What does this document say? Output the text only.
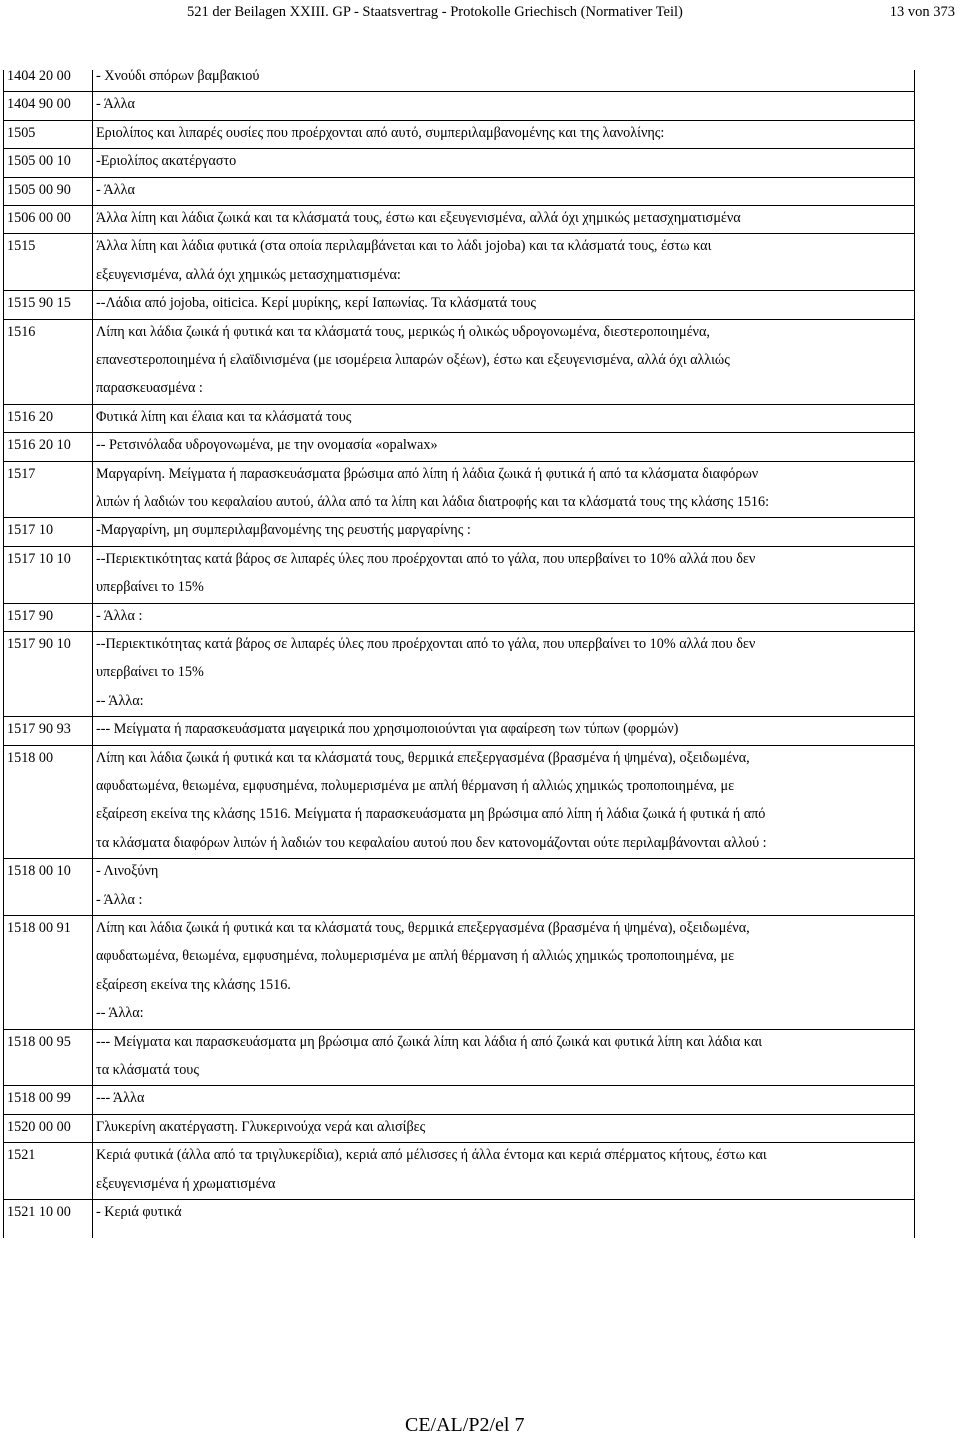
521 der Beilagen XXIII. GP - Staatsvertrag - Protokolle Griechisch (Normativer Teil)	13 von 373
1404 20 00	- Χνούδι σπόρων βαμβακιού
1404 90 00	- Άλλα
1505	Εριολίπος και λιπαρές ουσίες που προέρχονται από αυτό, συμπεριλαμβανομένης και της λανολίνης:
1505 00 10	-Εριολίπος ακατέργαστο
1505 00 90	- Άλλα
1506 00 00	Άλλα λίπη και λάδια ζωικά και τα κλάσματά τους, έστω και εξευγενισμένα, αλλά όχι χημικώς μετασχηματισμένα
1515	Άλλα λίπη και λάδια φυτικά (στα οποία περιλαμβάνεται και το λάδι jojoba) και τα κλάσματά τους, έστω και
εξευγενισμένα, αλλά όχι χημικώς μετασχηματισμένα:
1515 90 15	--Λάδια από jojoba, oiticica. Κερί μυρίκης, κερί Ιαπωνίας. Τα κλάσματά τους
1516	Λίπη και λάδια ζωικά ή φυτικά και τα κλάσματά τους, μερικώς ή ολικώς υδρογονωμένα, διεστεροποιημένα,
επανεστεροποιημένα ή ελαϊδινισμένα (με ισομέρεια λιπαρών οξέων), έστω και εξευγενισμένα, αλλά όχι αλλιώς
παρασκευασμένα :
1516 20	Φυτικά λίπη και έλαια και τα κλάσματά τους
1516 20 10	-- Ρετσινόλαδα υδρογονωμένα, με την ονομασία «opalwax»
1517	Μαργαρίνη. Μείγματα ή παρασκευάσματα βρώσιμα από λίπη ή λάδια ζωικά ή φυτικά ή από τα κλάσματα διαφόρων
λιπών ή λαδιών του κεφαλαίου αυτού, άλλα από τα λίπη και λάδια διατροφής και τα κλάσματά τους της κλάσης 1516:
1517 10	-Μαργαρίνη, μη συμπεριλαμβανομένης της ρευστής μαργαρίνης :
1517 10 10	--Περιεκτικότητας κατά βάρος σε λιπαρές ύλες που προέρχονται από το γάλα, που υπερβαίνει το 10% αλλά που δεν
υπερβαίνει το 15%
1517 90	- Άλλα :
1517 90 10	--Περιεκτικότητας κατά βάρος σε λιπαρές ύλες που προέρχονται από το γάλα, που υπερβαίνει το 10% αλλά που δεν
υπερβαίνει το 15%
-- Άλλα:
1517 90 93	--- Μείγματα ή παρασκευάσματα μαγειρικά που χρησιμοποιούνται για αφαίρεση των τύπων (φορμών)
1518 00	Λίπη και λάδια ζωικά ή φυτικά και τα κλάσματά τους, θερμικά επεξεργασμένα (βρασμένα ή ψημένα), οξειδωμένα,
αφυδατωμένα, θειωμένα, εμφυσημένα, πολυμερισμένα με απλή θέρμανση ή αλλιώς χημικώς τροποποιημένα, με
εξαίρεση εκείνα της κλάσης 1516. Μείγματα ή παρασκευάσματα μη βρώσιμα από λίπη ή λάδια ζωικά ή φυτικά ή από
τα κλάσματα διαφόρων λιπών ή λαδιών του κεφαλαίου αυτού που δεν κατονομάζονται ούτε περιλαμβάνονται αλλού :
1518 00 10	- Λινοξύνη
- Άλλα :
1518 00 91	Λίπη και λάδια ζωικά ή φυτικά και τα κλάσματά τους, θερμικά επεξεργασμένα (βρασμένα ή ψημένα), οξειδωμένα,
αφυδατωμένα, θειωμένα, εμφυσημένα, πολυμερισμένα με απλή θέρμανση ή αλλιώς χημικώς τροποποιημένα, με
εξαίρεση εκείνα της κλάσης 1516.
-- Άλλα:
1518 00 95	--- Μείγματα και παρασκευάσματα μη βρώσιμα από ζωικά λίπη και λάδια ή από ζωικά και φυτικά λίπη και λάδια και
τα κλάσματά τους
1518 00 99	--- Άλλα
1520 00 00	Γλυκερίνη ακατέργαστη. Γλυκερινούχα νερά και αλισίβες
1521	Κεριά φυτικά (άλλα από τα τριγλυκερίδια), κεριά από μέλισσες ή άλλα έντομα και κεριά σπέρματος κήτους, έστω και
εξευγενισμένα ή χρωματισμένα
1521 10 00	- Κεριά φυτικά
CE/AL/P2/el 7
